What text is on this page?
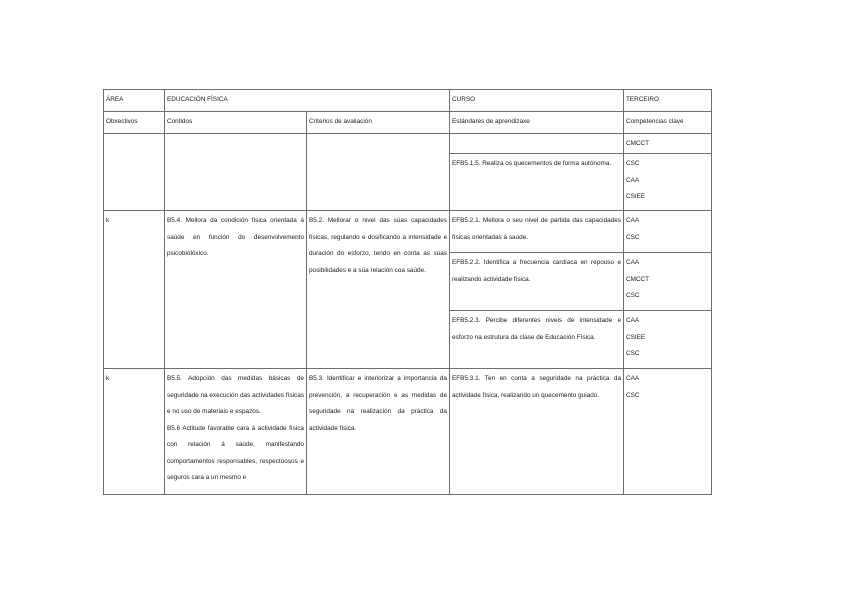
ÁREA	EDUCACIÓN FÍSICA		CURSO	TERCEIRO
Obxectivos	Contidos	Criterios de avaliación	Estándares de aprendizaxe	Competencias clave

				CMCCT

			EFB5.1.5. Realiza os quecementos de forma autónoma.	CSC
CAA
CSIEE

k	B5.4. Mellora da condición física orientada á saúde en función do desenvolvemento psicobiolóxico.	B5.2. Mellorar o nivel das súas capacidades físicas, regulando e dosificando a intensidade e duración do esforzo, tendo en conta as súas posibilidades e a súa relación coa saúde.	EFB5.2.1. Mellora o seu nivel de partida das capacidades físicas orientadas á saúde.	CAA
CSC

			EFB5.2.2. Identifica a frecuencia cardíaca en repouso e realizando actividade física.	CAA
CMCCT
CSC

			EFB5.2.3. Percibe diferentes niveis de intensidade e esforzo na estrutura da clase de Educación Física.	CAA
CSIEE
CSC

k	B5.5. Adopción das medidas básicas de seguridade na execución das actividades físicas e no uso de materiais e espazos.
B5.6 Actitude favorable cara á actividade física con relación á saúde, manifestando comportamentos responsables, respectuosos e seguros cara a un mesmo e	B5.3. Identificar e interiorizar a importancia da prevención, a recuperación e as medidas de seguridade na realización da práctica da actividade física.	EFB5.3.1. Ten en conta a seguridade na práctica da actividade física, realizando un quecemento guiado.	CAA
CSC
